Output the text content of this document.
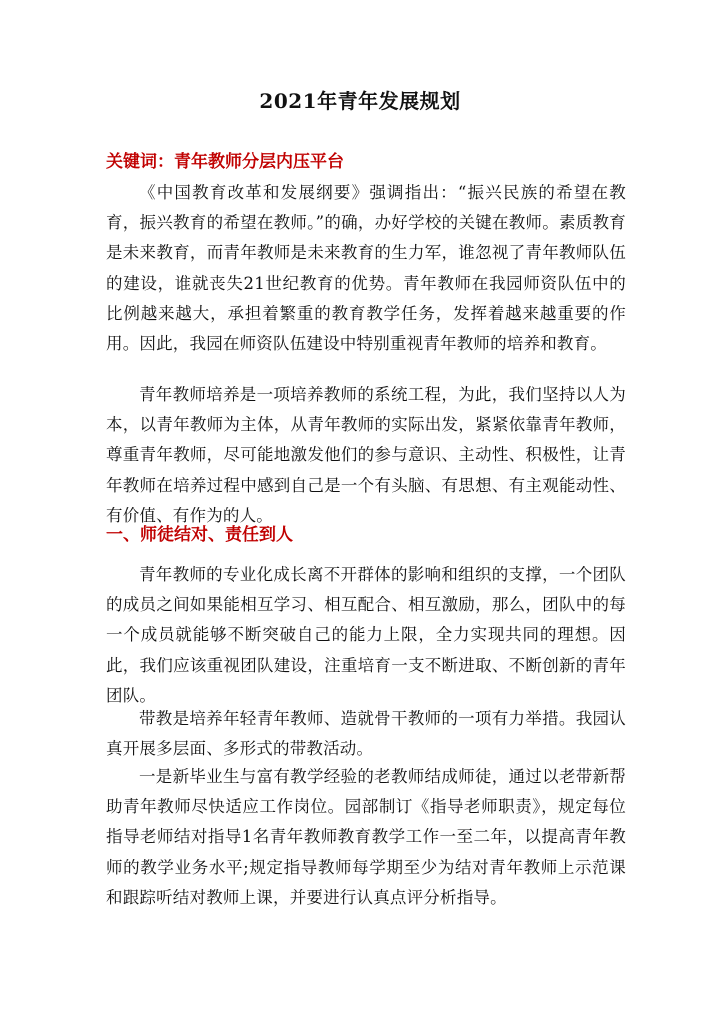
2021年青年发展规划
关键词：青年教师分层内压平台

《中国教育改革和发展纲要》强调指出：“振兴民族的希望在教育，振兴教育的希望在教师。”的确，办好学校的关键在教师。素质教育是未来教育，而青年教师是未来教育的生力军，谁忽视了青年教师队伍的建设，谁就丧失21世纪教育的优势。青年教师在我园师资队伍中的比例越来越大，承担着繁重的教育教学任务，发挥着越来越重要的作用。因此，我园在师资队伍建设中特别重视青年教师的培养和教育。

青年教师培养是一项培养教师的系统工程，为此，我们坚持以人为本，以青年教师为主体，从青年教师的实际出发，紧紧依靠青年教师，尊重青年教师，尽可能地激发他们的参与意识、主动性、积极性，让青年教师在培养过程中感到自己是一个有头脑、有思想、有主观能动性、有价值、有作为的人。

一、师徒结对、责任到人

青年教师的专业化成长离不开群体的影响和组织的支撑，一个团队的成员之间如果能相互学习、相互配合、相互激励，那么，团队中的每一个成员就能够不断突破自己的能力上限，全力实现共同的理想。因此，我们应该重视团队建设，注重培育一支不断进取、不断创新的青年团队。

带教是培养年轻青年教师、造就骨干教师的一项有力举措。我园认真开展多层面、多形式的带教活动。

一是新毕业生与富有教学经验的老教师结成师徒，通过以老带新帮助青年教师尽快适应工作岗位。园部制订《指导老师职责》，规定每位指导老师结对指导1名青年教师教育教学工作一至二年，以提高青年教师的教学业务水平;规定指导教师每学期至少为结对青年教师上示范课和跟踪听结对教师上课，并要进行认真点评分析指导。
